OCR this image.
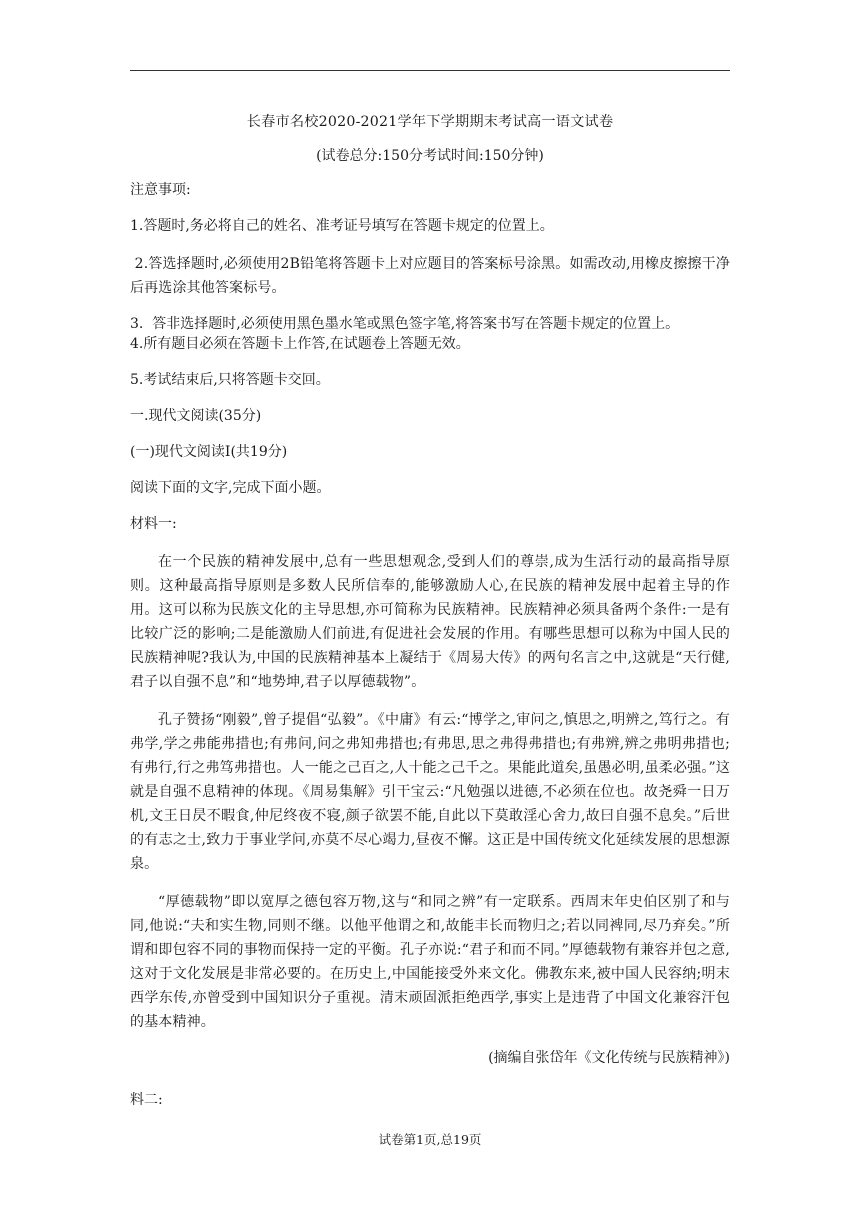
长春市名校2020-2021学年下学期期末考试高一语文试卷
(试卷总分:150分考试时间:150分钟)
注意事项:
1.答题时,务必将自己的姓名、准考证号填写在答题卡规定的位置上。
2.答选择题时,必须使用2B铅笔将答题卡上对应题目的答案标号涂黑。如需改动,用橡皮擦擦干净后再选涂其他答案标号。
3.  答非选择题时,必须使用黑色墨水笔或黑色签字笔,将答案书写在答题卡规定的位置上。
4.所有题目必须在答题卡上作答,在试题卷上答题无效。
5.考试结束后,只将答题卡交回。
一.现代文阅读(35分)
(一)现代文阅读Ⅰ(共19分)
阅读下面的文字,完成下面小题。
材料一:
在一个民族的精神发展中,总有一些思想观念,受到人们的尊崇,成为生活行动的最高指导原则。这种最高指导原则是多数人民所信奉的,能够激励人心,在民族的精神发展中起着主导的作用。这可以称为民族文化的主导思想,亦可简称为民族精神。民族精神必须具备两个条件:一是有比较广泛的影响;二是能激励人们前进,有促进社会发展的作用。有哪些思想可以称为中国人民的民族精神呢?我认为,中国的民族精神基本上凝结于《周易大传》的两句名言之中,这就是“天行健,君子以自强不息”和“地势坤,君子以厚德载物”。
孔子赞扬“刚毅”,曾子提倡“弘毅”。《中庸》有云:“博学之,审问之,慎思之,明辨之,笃行之。有弗学,学之弗能弗措也;有弗问,问之弗知弗措也;有弗思,思之弗得弗措也;有弗辨,辨之弗明弗措也;有弗行,行之弗笃弗措也。人一能之己百之,人十能之己千之。果能此道矣,虽愚必明,虽柔必强。”这就是自强不息精神的体现。《周易集解》引干宝云:“凡勉强以进德,不必须在位也。故尧舜一日万机,文王日昃不暇食,仲尼终夜不寝,颜子欲罢不能,自此以下莫敢淫心舍力,故曰自强不息矣。”后世的有志之士,致力于事业学问,亦莫不尽心竭力,昼夜不懈。这正是中国传统文化延续发展的思想源泉。
“厚德载物”即以宽厚之德包容万物,这与“和同之辨”有一定联系。西周末年史伯区别了和与同,他说:“夫和实生物,同则不继。以他平他谓之和,故能丰长而物归之;若以同裨同,尽乃弃矣。”所谓和即包容不同的事物而保持一定的平衡。孔子亦说:“君子和而不同。”厚德载物有兼容并包之意,这对于文化发展是非常必要的。在历史上,中国能接受外来文化。佛教东来,被中国人民容纳;明末西学东传,亦曾受到中国知识分子重视。清末顽固派拒绝西学,事实上是违背了中国文化兼容汗包的基本精神。
(摘编自张岱年《文化传统与民族精神》)
料二:
试卷第1页,总19页
